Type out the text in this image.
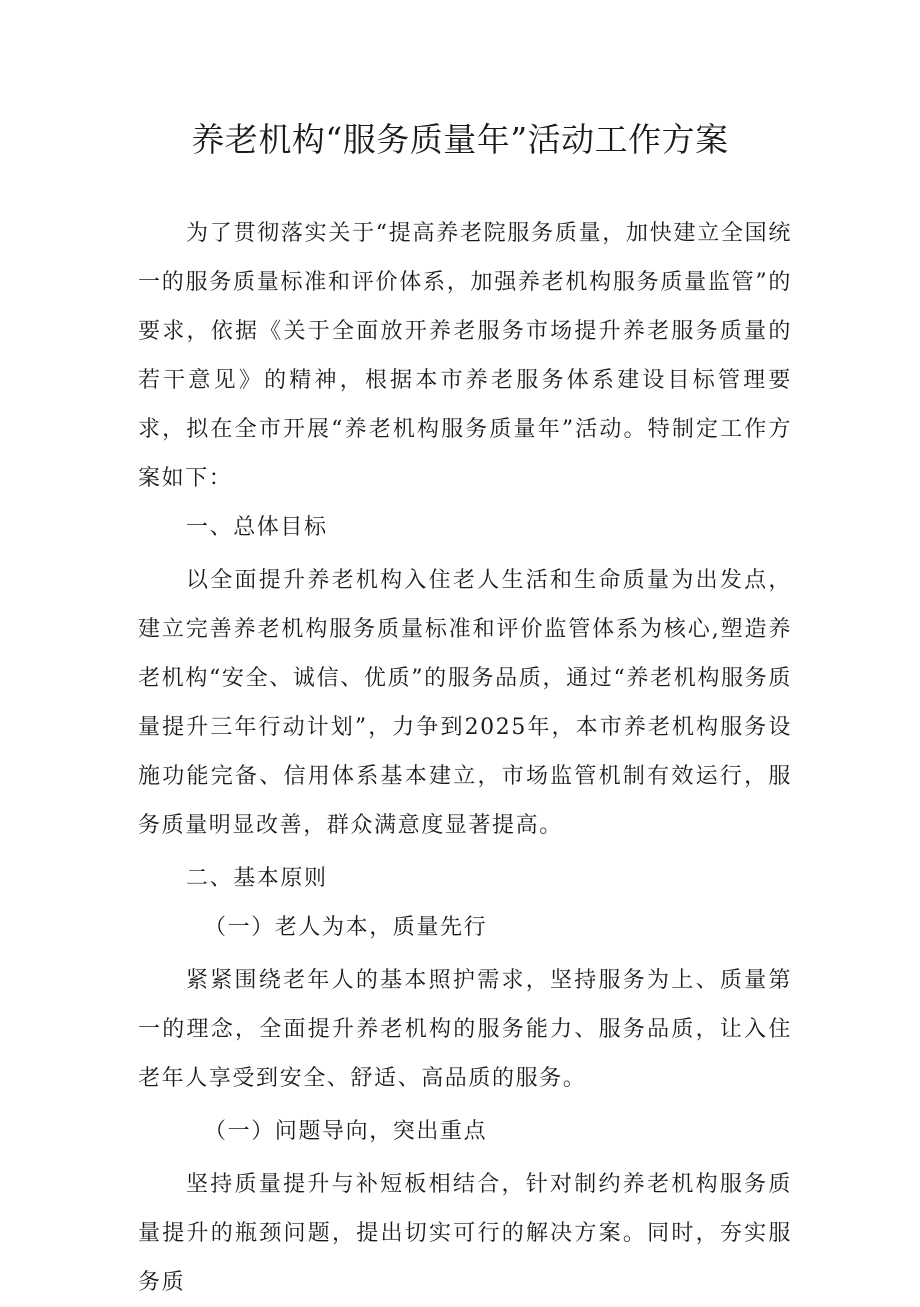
养老机构“服务质量年”活动工作方案

为了贯彻落实关于“提高养老院服务质量，加快建立全国统一的服务质量标准和评价体系，加强养老机构服务质量监管”的要求，依据《关于全面放开养老服务市场提升养老服务质量的若干意见》的精神，根据本市养老服务体系建设目标管理要求，拟在全市开展“养老机构服务质量年”活动。特制定工作方案如下：

一、总体目标

以全面提升养老机构入住老人生活和生命质量为出发点，建立完善养老机构服务质量标准和评价监管体系为核心,塑造养老机构“安全、诚信、优质”的服务品质，通过“养老机构服务质量提升三年行动计划”，力争到2025年，本市养老机构服务设施功能完备、信用体系基本建立，市场监管机制有效运行，服务质量明显改善，群众满意度显著提高。

二、基本原则
（一）老人为本，质量先行

紧紧围绕老年人的基本照护需求，坚持服务为上、质量第一的理念，全面提升养老机构的服务能力、服务品质，让入住老年人享受到安全、舒适、高品质的服务。

（一）问题导向，突出重点

坚持质量提升与补短板相结合，针对制约养老机构服务质量提升的瓶颈问题，提出切实可行的解决方案。同时，夯实服务质
